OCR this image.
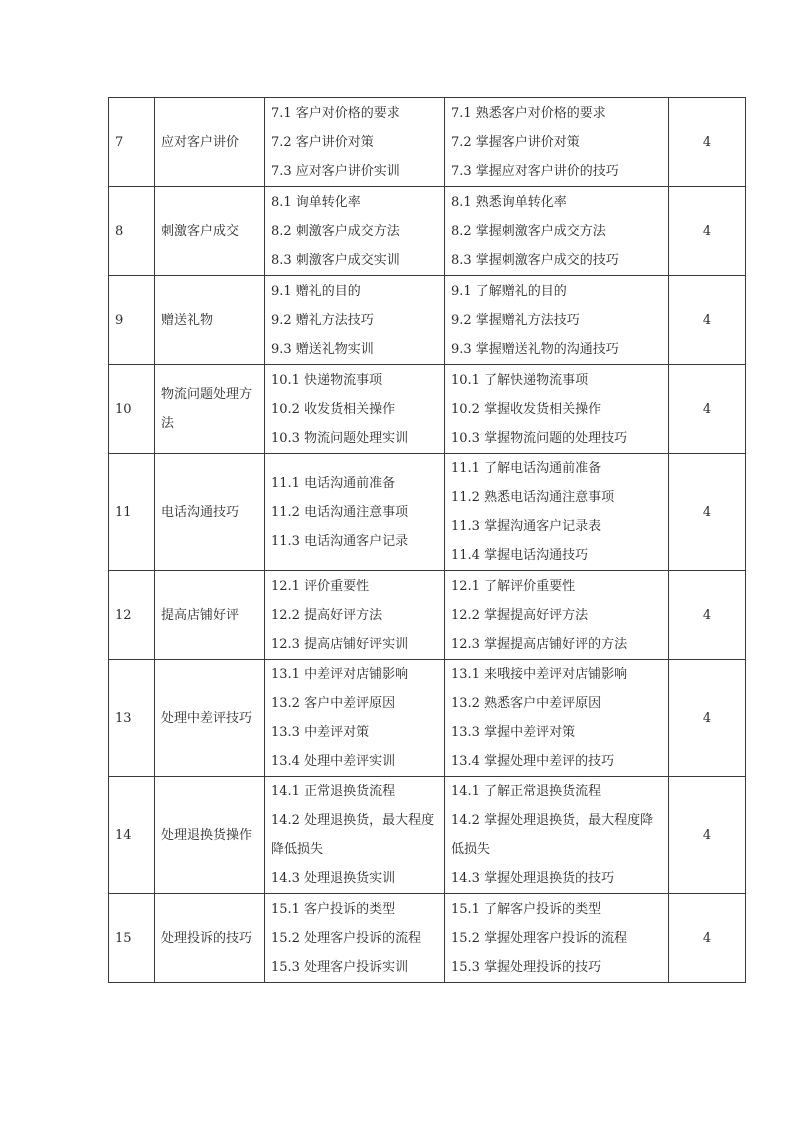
7	应对客户讲价	7.1 客户对价格的要求
7.2 客户讲价对策
7.3 应对客户讲价实训	7.1 熟悉客户对价格的要求
7.2 掌握客户讲价对策
7.3 掌握应对客户讲价的技巧	4
8	刺激客户成交	8.1 询单转化率
8.2 刺激客户成交方法
8.3 刺激客户成交实训	8.1 熟悉询单转化率
8.2 掌握刺激客户成交方法
8.3 掌握刺激客户成交的技巧	4
9	赠送礼物	9.1 赠礼的目的
9.2 赠礼方法技巧
9.3 赠送礼物实训	9.1 了解赠礼的目的
9.2 掌握赠礼方法技巧
9.3 掌握赠送礼物的沟通技巧	4
10	物流问题处理方法	10.1 快递物流事项
10.2 收发货相关操作
10.3 物流问题处理实训	10.1 了解快递物流事项
10.2 掌握收发货相关操作
10.3 掌握物流问题的处理技巧	4
11	电话沟通技巧	11.1 电话沟通前准备
11.2 电话沟通注意事项
11.3 电话沟通客户记录	11.1 了解电话沟通前准备
11.2 熟悉电话沟通注意事项
11.3 掌握沟通客户记录表
11.4 掌握电话沟通技巧	4
12	提高店铺好评	12.1 评价重要性
12.2 提高好评方法
12.3 提高店铺好评实训	12.1 了解评价重要性
12.2 掌握提高好评方法
12.3 掌握提高店铺好评的方法	4
13	处理中差评技巧	13.1 中差评对店铺影响
13.2 客户中差评原因
13.3 中差评对策
13.4 处理中差评实训	13.1 来哦接中差评对店铺影响
13.2 熟悉客户中差评原因
13.3 掌握中差评对策
13.4 掌握处理中差评的技巧	4
14	处理退换货操作	14.1 正常退换货流程
14.2 处理退换货，最大程度降低损失
14.3 处理退换货实训	14.1 了解正常退换货流程
14.2 掌握处理退换货，最大程度降低损失
14.3 掌握处理退换货的技巧	4
15	处理投诉的技巧	15.1 客户投诉的类型
15.2 处理客户投诉的流程
15.3 处理客户投诉实训	15.1 了解客户投诉的类型
15.2 掌握处理客户投诉的流程
15.3 掌握处理投诉的技巧	4
